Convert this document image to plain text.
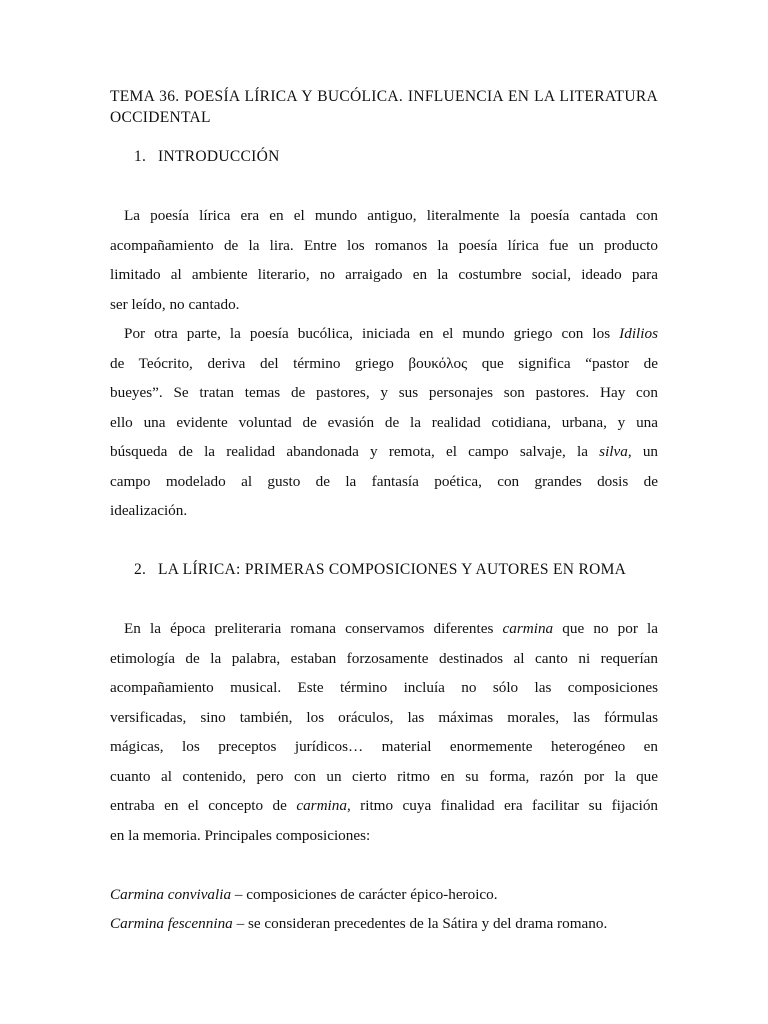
TEMA 36. POESÍA LÍRICA Y BUCÓLICA. INFLUENCIA EN LA LITERATURA OCCIDENTAL
1. INTRODUCCIÓN

La poesía lírica era en el mundo antiguo, literalmente la poesía cantada con
acompañamiento de la lira. Entre los romanos la poesía lírica fue un producto
limitado al ambiente literario, no arraigado en la costumbre social, ideado para
ser leído, no cantado.

Por otra parte, la poesía bucólica, iniciada en el mundo griego con los Idilios
de Teócrito, deriva del término griego βουκόλος que significa “pastor de
bueyes”. Se tratan temas de pastores, y sus personajes son pastores. Hay con
ello una evidente voluntad de evasión de la realidad cotidiana, urbana, y una
búsqueda de la realidad abandonada y remota, el campo salvaje, la silva, un
campo modelado al gusto de la fantasía poética, con grandes dosis de
idealización.

2. LA LÍRICA: PRIMERAS COMPOSICIONES Y AUTORES EN ROMA

En la época preliteraria romana conservamos diferentes carmina que no por la
etimología de la palabra, estaban forzosamente destinados al canto ni requerían
acompañamiento musical. Este término incluía no sólo las composiciones
versificadas, sino también, los oráculos, las máximas morales, las fórmulas
mágicas, los preceptos jurídicos… material enormemente heterogéneo en
cuanto al contenido, pero con un cierto ritmo en su forma, razón por la que
entraba en el concepto de carmina, ritmo cuya finalidad era facilitar su fijación
en la memoria. Principales composiciones:

Carmina convivalia – composiciones de carácter épico-heroico.
Carmina fescennina – se consideran precedentes de la Sátira y del drama romano.
